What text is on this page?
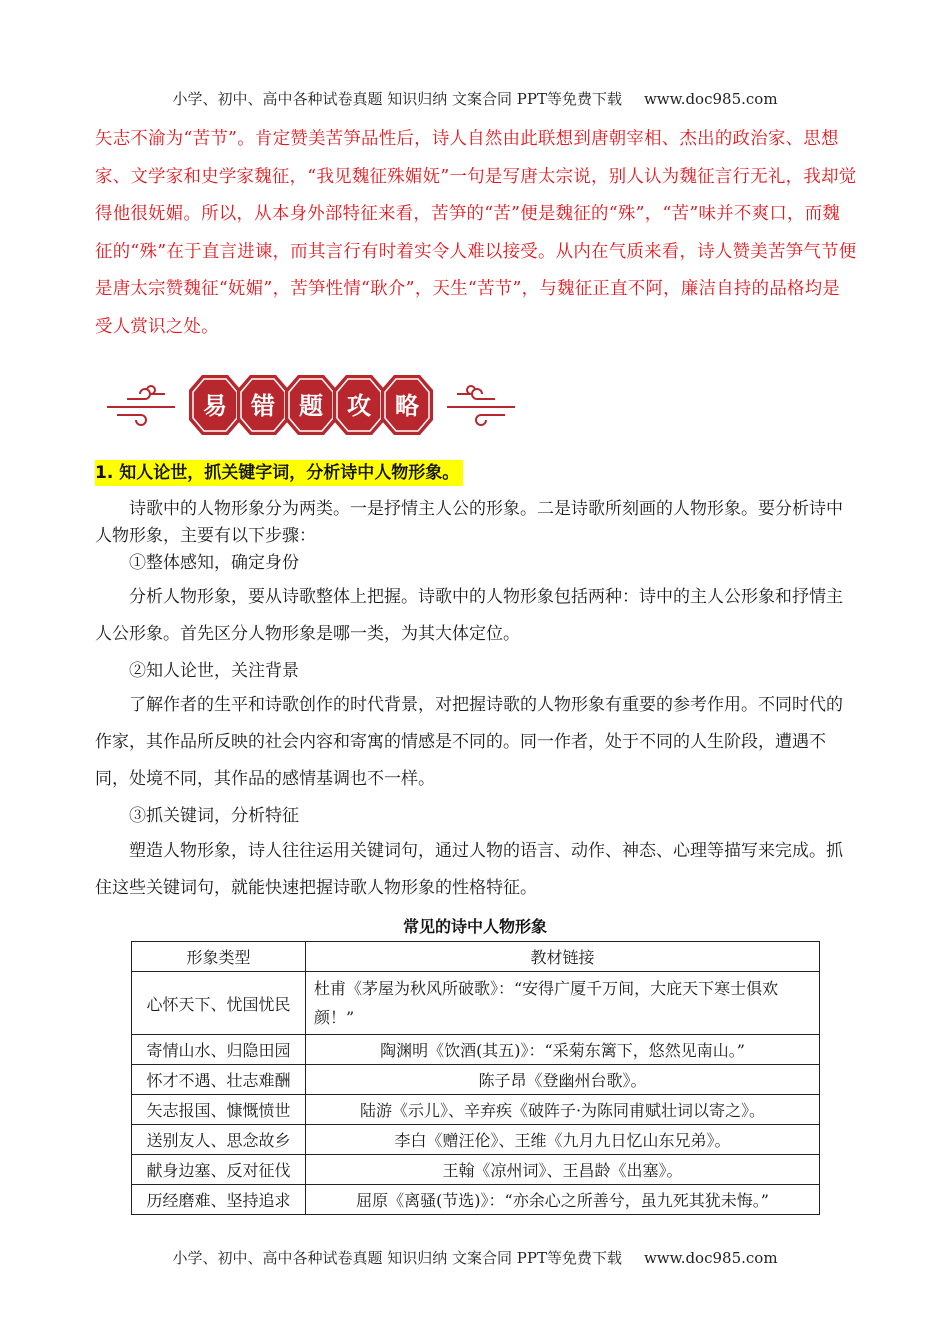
小学、初中、高中各种试卷真题 知识归纳 文案合同 PPT等免费下载 www.doc985.com
矢志不渝为“苦节”。肯定赞美苦笋品性后，诗人自然由此联想到唐朝宰相、杰出的政治家、思想家、文学家和史学家魏征，“我见魏征殊媚妩”一句是写唐太宗说，别人认为魏征言行无礼，我却觉得他很妩媚。所以，从本身外部特征来看，苦笋的“苦”便是魏征的“殊”，“苦”味并不爽口，而魏征的“殊”在于直言进谏，而其言行有时着实令人难以接受。从内在气质来看，诗人赞美苦笋气节便是唐太宗赞魏征“妩媚”，苦笋性情“耿介”，天生“苦节”，与魏征正直不阿，廉洁自持的品格均是受人赏识之处。
易 错 题 攻 略
1. 知人论世，抓关键字词，分析诗中人物形象。

诗歌中的人物形象分为两类。一是抒情主人公的形象。二是诗歌所刻画的人物形象。要分析诗中人物形象，主要有以下步骤：

①整体感知，确定身份

分析人物形象，要从诗歌整体上把握。诗歌中的人物形象包括两种：诗中的主人公形象和抒情主人公形象。首先区分人物形象是哪一类，为其大体定位。

②知人论世，关注背景

了解作者的生平和诗歌创作的时代背景，对把握诗歌的人物形象有重要的参考作用。不同时代的作家，其作品所反映的社会内容和寄寓的情感是不同的。同一作者，处于不同的人生阶段，遭遇不同，处境不同，其作品的感情基调也不一样。

③抓关键词，分析特征

塑造人物形象，诗人往往运用关键词句，通过人物的语言、动作、神态、心理等描写来完成。抓住这些关键词句，就能快速把握诗歌人物形象的性格特征。

常见的诗中人物形象
形象类型	教材链接
心怀天下、忧国忧民	杜甫《茅屋为秋风所破歌》：“安得广厦千万间，大庇天下寒士俱欢颜！”
寄情山水、归隐田园	陶渊明《饮酒(其五)》：“采菊东篱下，悠然见南山。”
怀才不遇、壮志难酬	陈子昂《登幽州台歌》。
矢志报国、慷慨愤世	陆游《示儿》、辛弃疾《破阵子·为陈同甫赋壮词以寄之》。
送别友人、思念故乡	李白《赠汪伦》、王维《九月九日忆山东兄弟》。
献身边塞、反对征伐	王翰《凉州词》、王昌龄《出塞》。
历经磨难、坚持追求	屈原《离骚(节选)》：“亦余心之所善兮，虽九死其犹未悔。”
小学、初中、高中各种试卷真题 知识归纳 文案合同 PPT等免费下载 www.doc985.com
